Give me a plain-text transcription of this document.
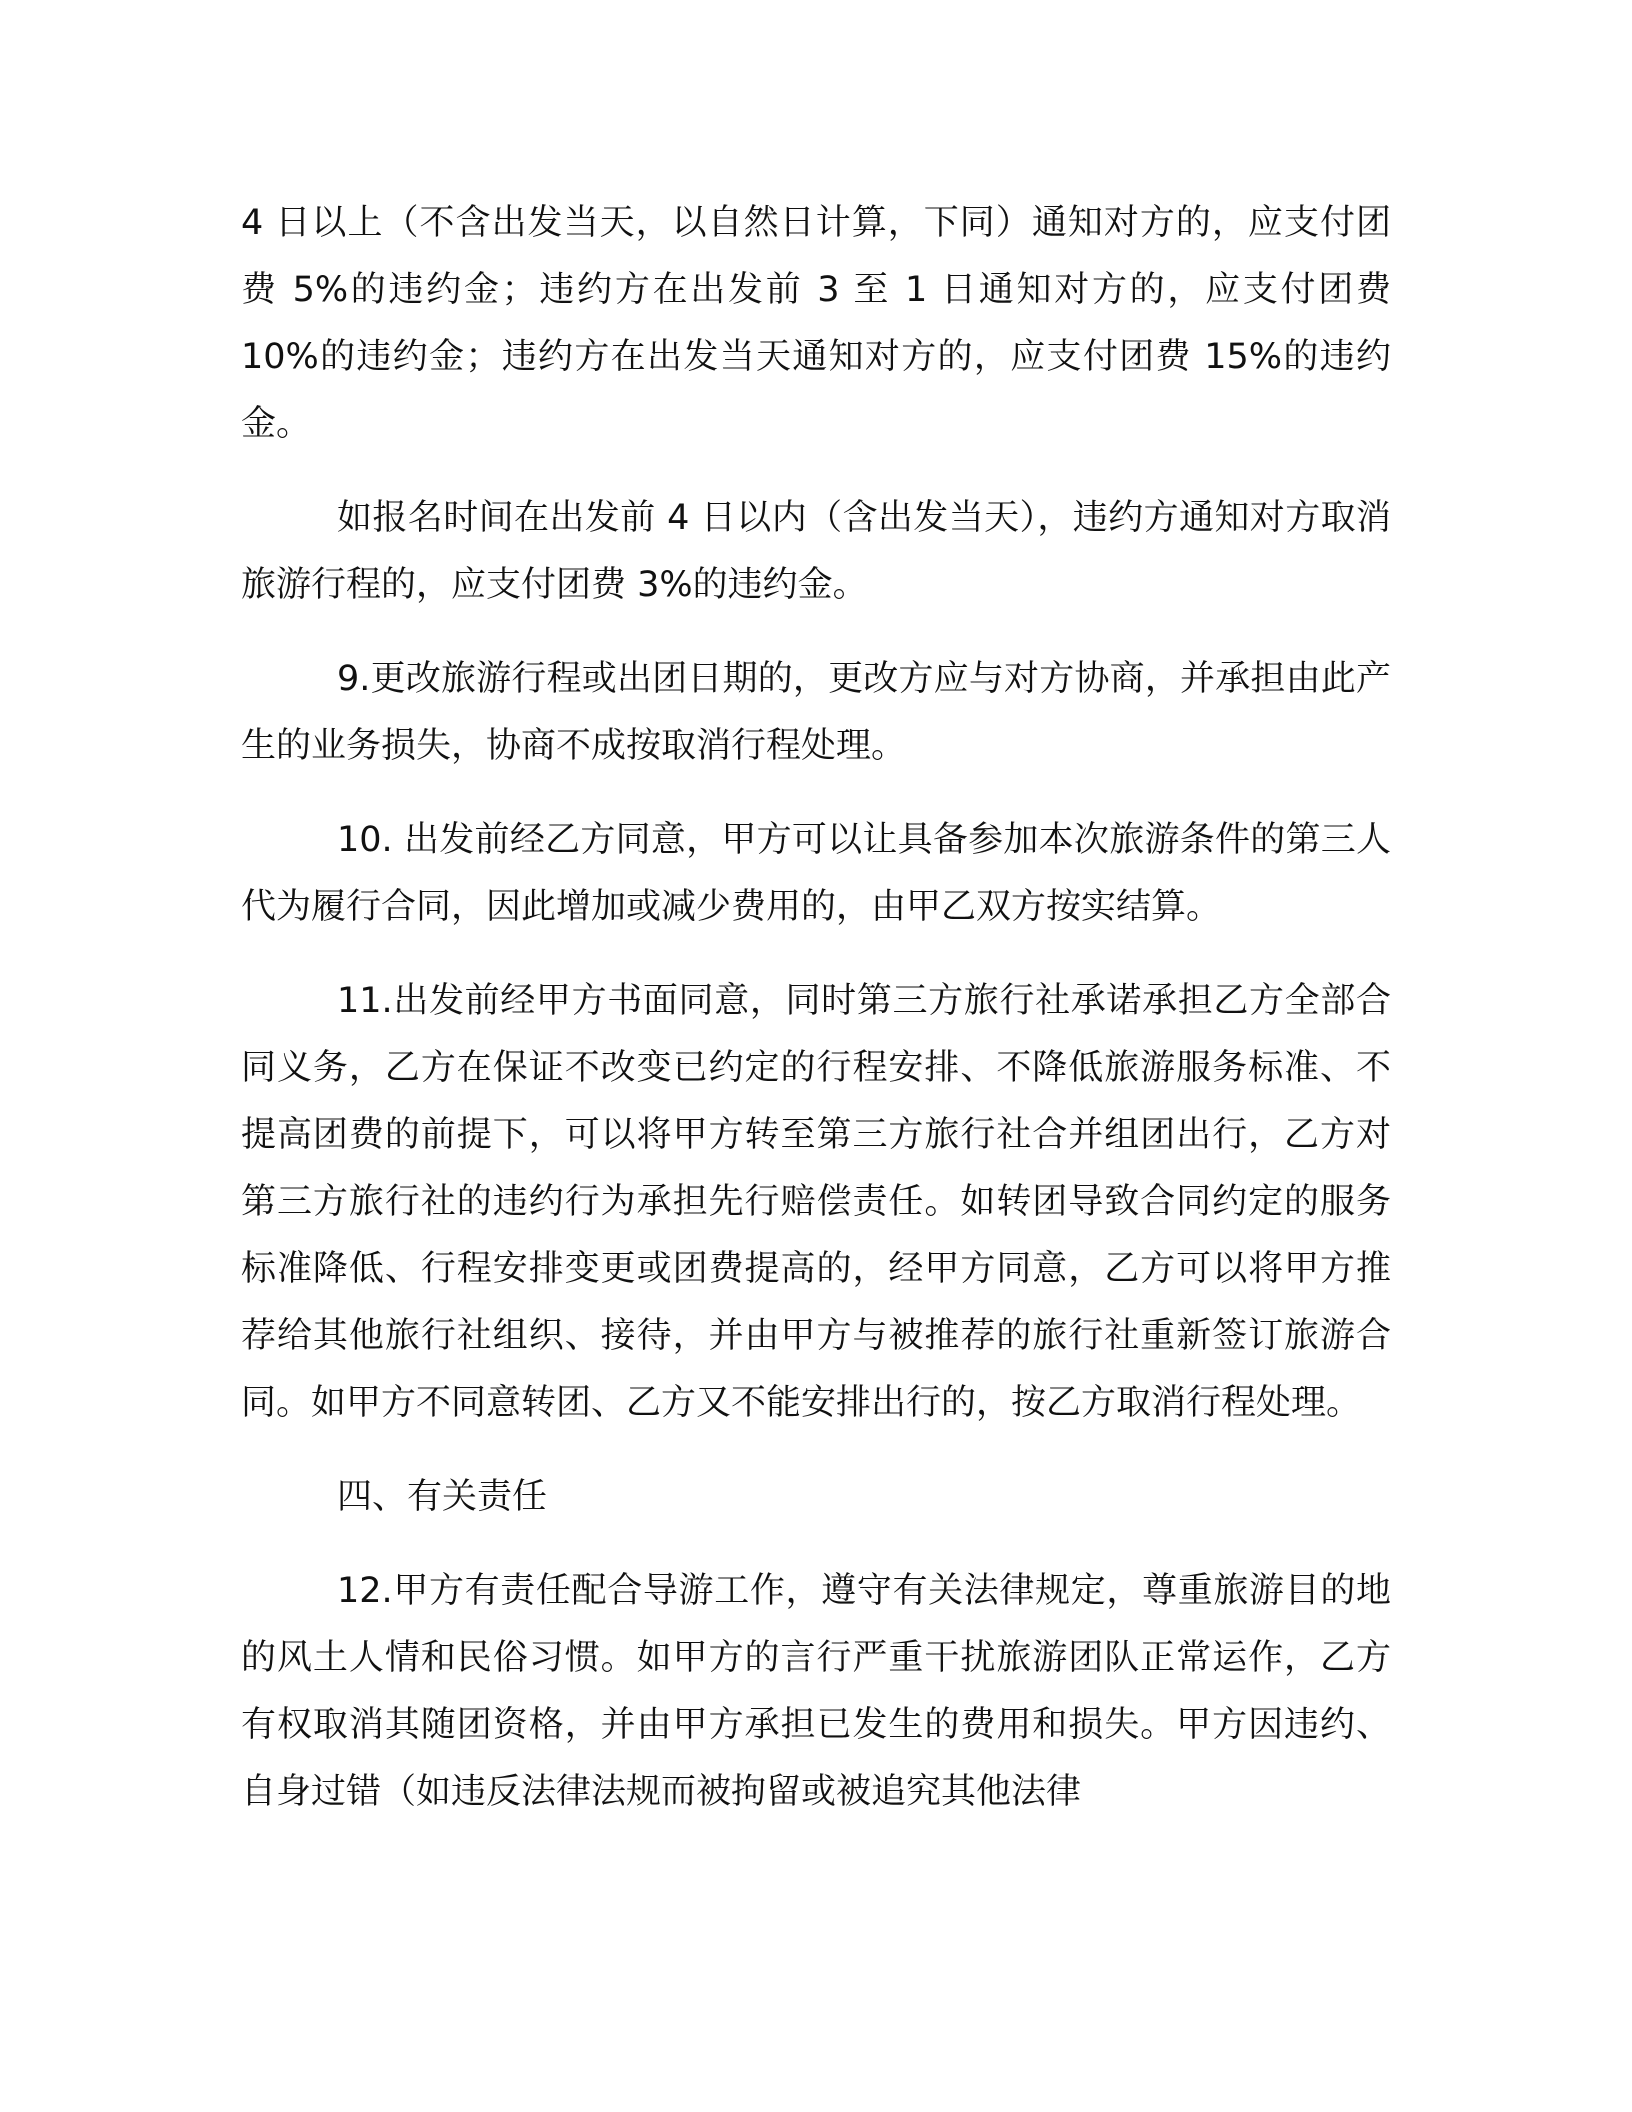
4 日以上（不含出发当天，以自然日计算，下同）通知对方的，应支付团费 5%的违约金；违约方在出发前 3 至 1 日通知对方的，应支付团费 10%的违约金；违约方在出发当天通知对方的，应支付团费 15%的违约金。

如报名时间在出发前 4 日以内（含出发当天），违约方通知对方取消旅游行程的，应支付团费 3%的违约金。

9.更改旅游行程或出团日期的，更改方应与对方协商，并承担由此产生的业务损失，协商不成按取消行程处理。

10. 出发前经乙方同意，甲方可以让具备参加本次旅游条件的第三人代为履行合同，因此增加或减少费用的，由甲乙双方按实结算。

11.出发前经甲方书面同意，同时第三方旅行社承诺承担乙方全部合同义务，乙方在保证不改变已约定的行程安排、不降低旅游服务标准、不提高团费的前提下，可以将甲方转至第三方旅行社合并组团出行，乙方对第三方旅行社的违约行为承担先行赔偿责任。如转团导致合同约定的服务标准降低、行程安排变更或团费提高的，经甲方同意，乙方可以将甲方推荐给其他旅行社组织、接待，并由甲方与被推荐的旅行社重新签订旅游合同。如甲方不同意转团、乙方又不能安排出行的，按乙方取消行程处理。

四、有关责任

12.甲方有责任配合导游工作，遵守有关法律规定，尊重旅游目的地的风土人情和民俗习惯。如甲方的言行严重干扰旅游团队正常运作，乙方有权取消其随团资格，并由甲方承担已发生的费用和损失。甲方因违约、自身过错（如违反法律法规而被拘留或被追究其他法律
